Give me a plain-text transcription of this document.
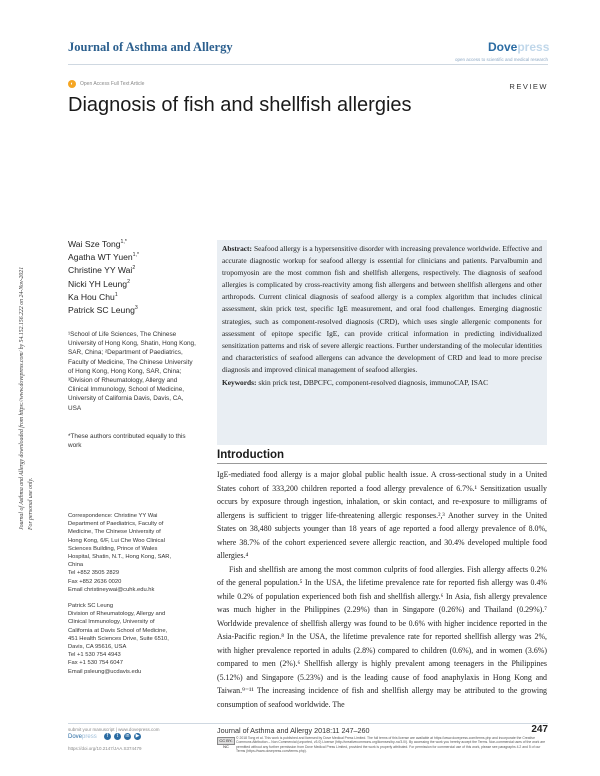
Journal of Asthma and Allergy	Dovepress
open access to scientific and medical research
◐	Open Access Full Text Article	REVIEW
Diagnosis of fish and shellfish allergies
Journal of Asthma and Allergy downloaded from https://www.dovepress.com/ by 54.152.156.222 on 24-Nov-2021 For personal use only.
Wai Sze Tong$^{1,*}$
Agatha WT Yuen$^{1,*}$
Christine YY Wai$^2$
Nicki YH Leung$^2$
Ka Hou Chu$^1$
Patrick SC Leung$^3$
¹School of Life Sciences, The Chinese University of Hong Kong, Shatin, Hong Kong, SAR, China; ²Department of Paediatrics, Faculty of Medicine, The Chinese University of Hong Kong, Hong Kong, SAR, China; ³Division of Rheumatology, Allergy and Clinical Immunology, School of Medicine, University of California Davis, Davis, CA, USA
*These authors contributed equally to this work

Correspondence: Christine YY Wai
Department of Paediatrics, Faculty of
Medicine, The Chinese University of
Hong Kong, 6/F, Lui Che Woo Clinical
Sciences Building, Prince of Wales
Hospital, Shatin, N.T., Hong Kong, SAR,
China
Tel +852 3505 2829
Fax +852 2636 0020
Email christineywai@cuhk.edu.hk

Patrick SC Leung
Division of Rheumatology, Allergy and
Clinical Immunology, University of
California at Davis School of Medicine,
451 Health Sciences Drive, Suite 6510,
Davis, CA 95616, USA
Tel +1 530 754 4943
Fax +1 530 754 6047
Email psleung@ucdavis.edu

Abstract: Seafood allergy is a hypersensitive disorder with increasing prevalence worldwide. Effective and accurate diagnostic workup for seafood allergy is essential for clinicians and patients. Parvalbumin and tropomyosin are the most common fish and shellfish allergens, respectively. The diagnosis of seafood allergies is complicated by cross-reactivity among fish allergens and between shellfish allergens and other arthropods. Current clinical diagnosis of seafood allergy is a complex algorithm that includes clinical assessment, skin prick test, specific IgE measurement, and oral food challenges. Emerging diagnostic strategies, such as component-resolved diagnosis (CRD), which uses single allergenic components for assessment of epitope specific IgE, can provide critical information in predicting individualized sensitization patterns and risk of severe allergic reactions. Further understanding of the molecular identities and characteristics of seafood allergens can advance the development of CRD and lead to more precise diagnosis and improved clinical management of seafood allergies.
Keywords: skin prick test, DBPCFC, component-resolved diagnosis, immunoCAP, ISAC
Introduction

IgE-mediated food allergy is a major global public health issue. A cross-sectional study in a United States cohort of 333,200 children reported a food allergy prevalence of 6.7%.¹ Sensitization usually occurs by exposure through ingestion, inhalation, or skin contact, and re-exposure to milligrams of allergens is sufficient to trigger life-threatening allergic responses.²,³ Another survey in the United States on 38,480 subjects younger than 18 years of age reported a food allergy prevalence of 8.0%, where 38.7% of the cohort experienced severe allergic reaction, and 30.4% developed multiple food allergies.⁴

Fish and shellfish are among the most common culprits of food allergies. Fish allergy affects 0.2% of the general population.⁵ In the USA, the lifetime prevalence rate for reported fish allergy was 0.4% while 0.2% of population experienced both fish and shellfish allergy.⁶ In Asia, fish allergy prevalence was much higher in the Philippines (2.29%) than in Singapore (0.26%) and Thailand (0.29%).⁷ Worldwide prevalence of shellfish allergy was found to be 0.6% with higher incidence reported in the Asia-Pacific region.⁸ In the USA, the lifetime prevalence rate for reported shellfish allergy was 2%, with higher prevalence reported in adults (2.8%) compared to children (0.6%), and in women (3.6%) compared to men (2%).⁶ Shellfish allergy is highly prevalent among teenagers in the Philippines (5.12%) and Singapore (5.23%) and is the leading cause of food anaphylaxis in Hong Kong and Taiwan.⁹⁻¹¹ The increasing incidence of fish and shellfish allergy may be attributed to the growing consumption of seafood worldwide. The

submit your manuscript | www.dovepress.com
Dovepress	f	t	in	▶
https://doi.org/10.2147/JAA.S374479
Journal of Asthma and Allergy 2018:11 247–260	247
CC BY-NC
© 2018 Tong et al. This work is published and licensed by Dove Medical Press Limited. The full terms of this license are available at https://www.dovepress.com/terms.php and incorporate the Creative Commons Attribution – Non Commercial (unported, v3.0) License (http://creativecommons.org/licenses/by-nc/3.0/). By accessing the work you hereby accept the Terms. Non-commercial uses of the work are permitted without any further permission from Dove Medical Press Limited, provided the work is properly attributed. For permission for commercial use of this work, please see paragraphs 4.2 and 5 of our Terms (https://www.dovepress.com/terms.php).
